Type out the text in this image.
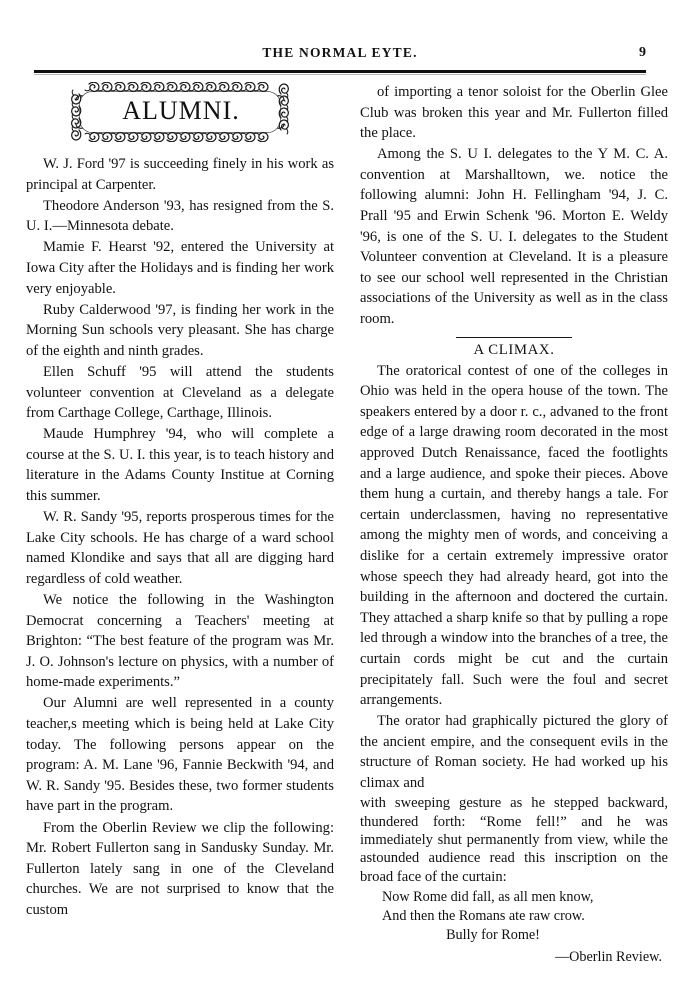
THE NORMAL EYTE.	9
ALUMNI.

W. J. Ford '97 is succeeding finely in his work as principal at Carpenter.

Theodore Anderson '93, has resigned from the S. U. I.—Minnesota debate.

Mamie F. Hearst '92, entered the University at Iowa City after the Holidays and is finding her work very enjoyable.

Ruby Calderwood '97, is finding her work in the Morning Sun schools very pleasant. She has charge of the eighth and ninth grades.

Ellen Schuff '95 will attend the students volunteer convention at Cleveland as a delegate from Carthage College, Carthage, Illinois.

Maude Humphrey '94, who will complete a course at the S. U. I. this year, is to teach history and literature in the Adams County Institue at Corning this summer.

W. R. Sandy '95, reports prosperous times for the Lake City schools. He has charge of a ward school named Klondike and says that all are digging hard regardless of cold weather.

We notice the following in the Washington Democrat concerning a Teachers' meeting at Brighton: “The best feature of the program was Mr. J. O. Johnson's lecture on physics, with a number of home-made experiments.”

Our Alumni are well represented in a county teacher,s meeting which is being held at Lake City today. The following persons appear on the program: A. M. Lane '96, Fannie Beckwith '94, and W. R. Sandy '95. Besides these, two former students have part in the program.

From the Oberlin Review we clip the following: Mr. Robert Fullerton sang in Sandusky Sunday. Mr. Fullerton lately sang in one of the Cleveland churches. We are not surprised to know that the custom

of importing a tenor soloist for the Oberlin Glee Club was broken this year and Mr. Fullerton filled the place.

Among the S. U I. delegates to the Y M. C. A. convention at Marshalltown, we. notice the following alumni: John H. Fellingham '94, J. C. Prall '95 and Erwin Schenk '96. Morton E. Weldy '96, is one of the S. U. I. delegates to the Student Volunteer convention at Cleveland. It is a pleasure to see our school well represented in the Christian associations of the University as well as in the class room.

A CLIMAX.

The oratorical contest of one of the colleges in Ohio was held in the opera house of the town. The speakers entered by a door r. c., advaned to the front edge of a large drawing room decorated in the most approved Dutch Renaissance, faced the footlights and a large audience, and spoke their pieces. Above them hung a curtain, and thereby hangs a tale. For certain underclassmen, having no representative among the mighty men of words, and conceiving a dislike for a certain extremely impressive orator whose speech they had already heard, got into the building in the afternoon and doctered the curtain. They attached a sharp knife so that by pulling a rope led through a window into the branches of a tree, the curtain cords might be cut and the curtain precipitately fall. Such were the foul and secret arrangements.

The orator had graphically pictured the glory of the ancient empire, and the consequent evils in the structure of Roman society. He had worked up his climax and

with sweeping gesture as he stepped backward, thundered forth: “Rome fell!” and he was immediately shut permanently from view, while the astounded audience read this inscription on the broad face of the curtain:

Now Rome did fall, as all men know,
And then the Romans ate raw crow.
Bully for Rome!
—Oberlin Review.
